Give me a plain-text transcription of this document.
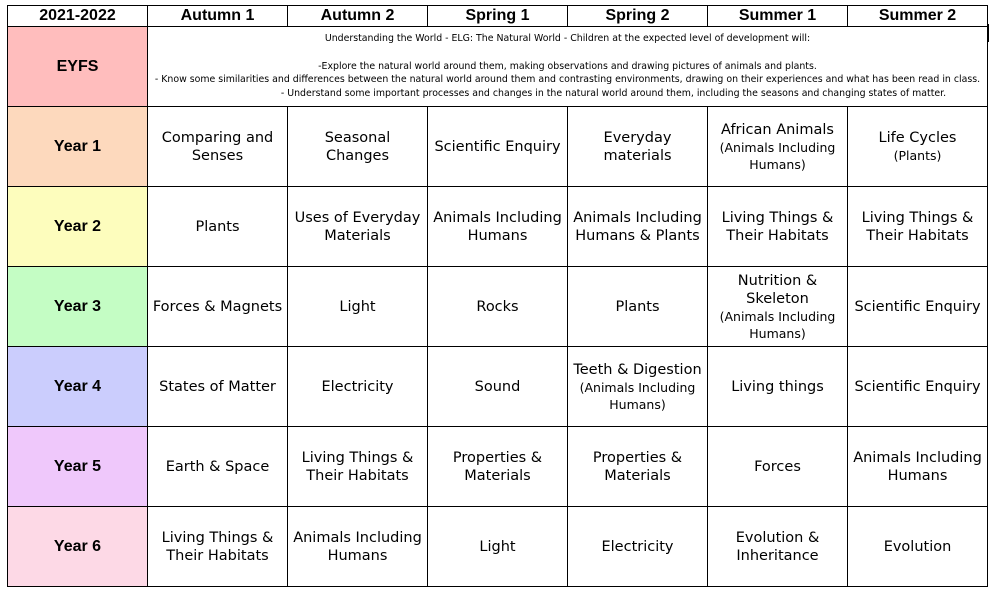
2021-2022	Autumn 1	Autumn 2	Spring 1	Spring 2	Summer 1	Summer 2
EYFS	Understanding the World - ELG: The Natural World - Children at the expected level of development will:

-Explore the natural world around them, making observations and drawing pictures of animals and plants.

- Know some similarities and differences between the natural world around them and contrasting environments, drawing on their experiences and what has been read in class.

- Understand some important processes and changes in the natural world around them, including the seasons and changing states of matter.					

Year 1	Comparing and Senses	Seasonal Changes	Scientific Enquiry	Everyday materials	African Animals
(Animals Including Humans)	Life Cycles
(Plants)

Year 2	Plants	Uses of Everyday Materials	Animals Including Humans	Animals Including Humans & Plants	Living Things & Their Habitats	Living Things & Their Habitats

Year 3	Forces & Magnets	Light	Rocks	Plants	Nutrition & Skeleton
(Animals Including Humans)	Scientific Enquiry

Year 4	States of Matter	Electricity	Sound	Teeth & Digestion
(Animals Including Humans)	Living things	Scientific Enquiry

Year 5	Earth & Space	Living Things & Their Habitats	Properties & Materials	Properties & Materials	Forces	Animals Including Humans

Year 6	Living Things & Their Habitats	Animals Including Humans	Light	Electricity	Evolution & Inheritance	Evolution
